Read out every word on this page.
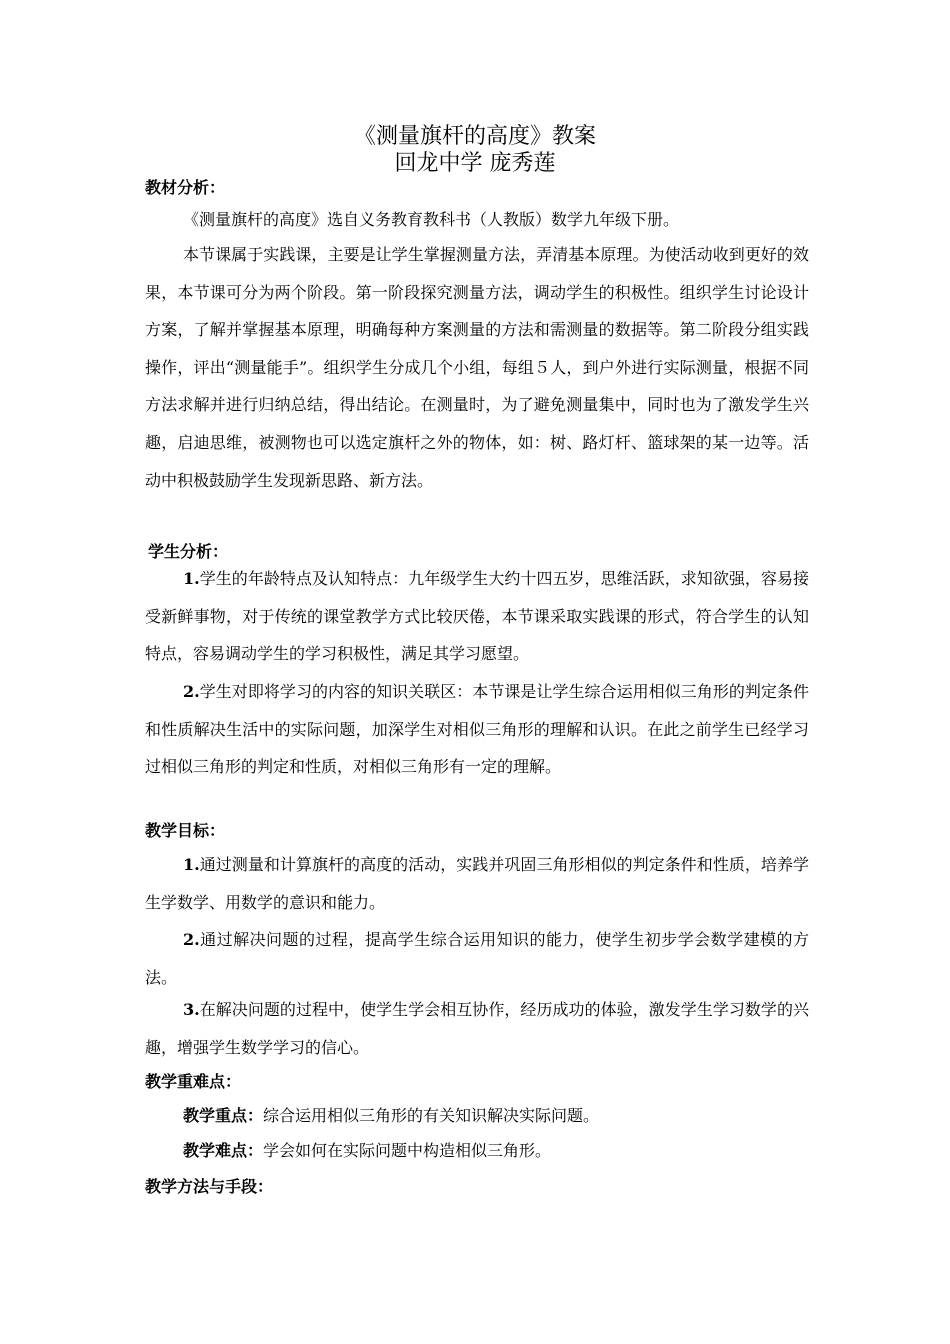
《测量旗杆的高度》教案
回龙中学 庞秀莲
教材分析：

《测量旗杆的高度》选自义务教育教科书（人教版）数学九年级下册。

本节课属于实践课，主要是让学生掌握测量方法，弄清基本原理。为使活动收到更好的效果，本节课可分为两个阶段。第一阶段探究测量方法，调动学生的积极性。组织学生讨论设计方案，了解并掌握基本原理，明确每种方案测量的方法和需测量的数据等。第二阶段分组实践操作，评出“测量能手”。组织学生分成几个小组，每组５人，到户外进行实际测量，根据不同方法求解并进行归纳总结，得出结论。在测量时，为了避免测量集中，同时也为了激发学生兴趣，启迪思维，被测物也可以选定旗杆之外的物体，如：树、路灯杆、篮球架的某一边等。活动中积极鼓励学生发现新思路、新方法。

学生分析：

1.学生的年龄特点及认知特点：九年级学生大约十四五岁，思维活跃，求知欲强，容易接受新鲜事物，对于传统的课堂教学方式比较厌倦，本节课采取实践课的形式，符合学生的认知特点，容易调动学生的学习积极性，满足其学习愿望。

2.学生对即将学习的内容的知识关联区：本节课是让学生综合运用相似三角形的判定条件和性质解决生活中的实际问题，加深学生对相似三角形的理解和认识。在此之前学生已经学习过相似三角形的判定和性质，对相似三角形有一定的理解。

教学目标：

1.通过测量和计算旗杆的高度的活动，实践并巩固三角形相似的判定条件和性质，培养学生学数学、用数学的意识和能力。

2.通过解决问题的过程，提高学生综合运用知识的能力，使学生初步学会数学建模的方法。

3.在解决问题的过程中，使学生学会相互协作，经历成功的体验，激发学生学习数学的兴趣，增强学生数学学习的信心。

教学重难点：

教学重点：综合运用相似三角形的有关知识解决实际问题。

教学难点：学会如何在实际问题中构造相似三角形。

教学方法与手段：
